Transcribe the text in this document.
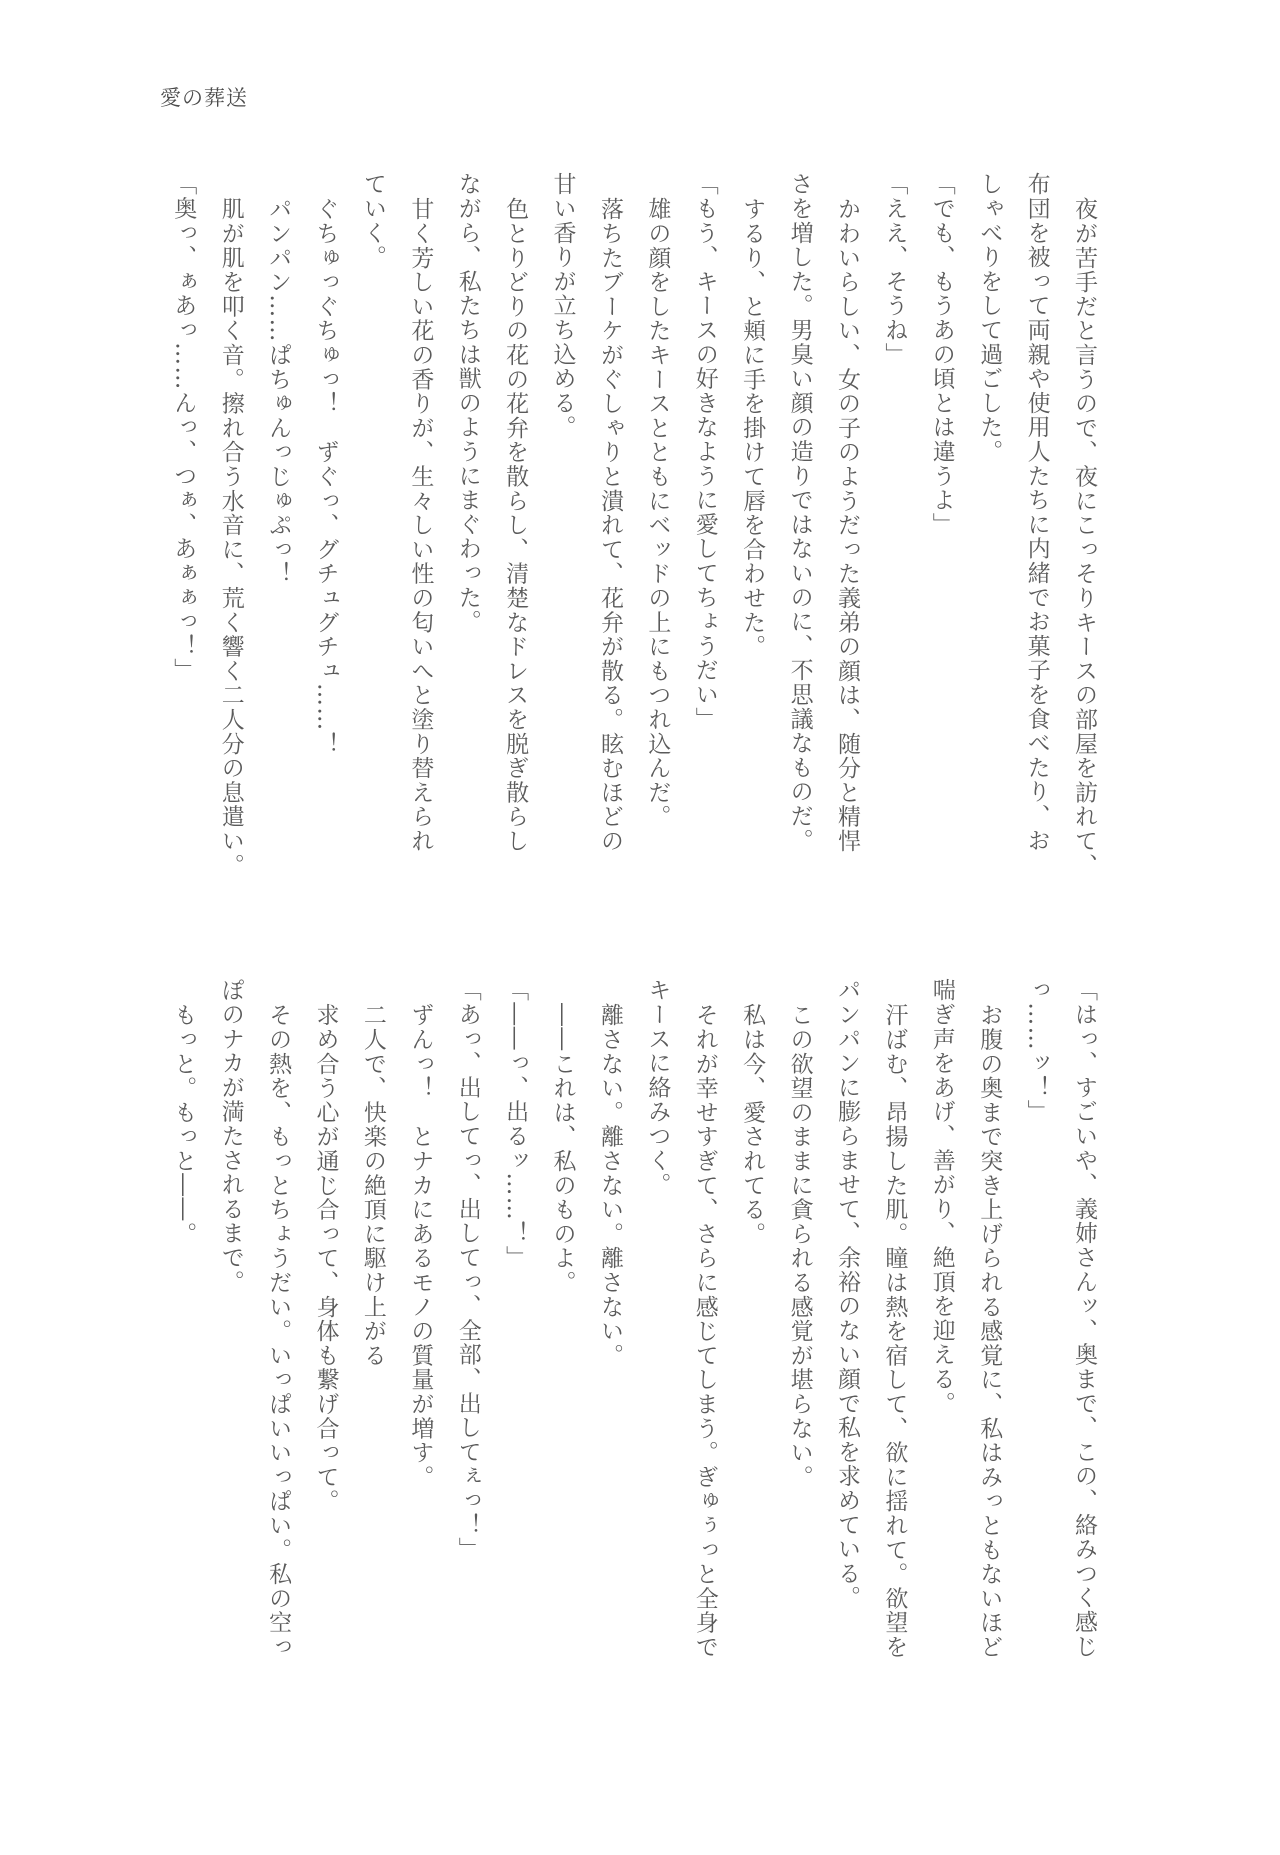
愛の葬送
夜が苦手だと言うので、夜にこっそりキースの部屋を訪れて、
布団を被って両親や使用人たちに内緒でお菓子を食べたり、お
しゃべりをして過ごした。
「でも、もうあの頃とは違うよ」
「ええ、そうね」
かわいらしい、女の子のようだった義弟の顔は、随分と精悍
さを増した。男臭い顔の造りではないのに、不思議なものだ。
するり、と頬に手を掛けて唇を合わせた。
「もう、キースの好きなように愛してちょうだい」
雄の顔をしたキースとともにベッドの上にもつれ込んだ。
落ちたブーケがぐしゃりと潰れて、花弁が散る。眩むほどの
甘い香りが立ち込める。
色とりどりの花の花弁を散らし、清楚なドレスを脱ぎ散らし
ながら、私たちは獣のようにまぐわった。
甘く芳しい花の香りが、生々しい性の匂いへと塗り替えられ
ていく。
ぐちゅっぐちゅっ！　ずぐっ、グチュグチュ……！
パンパン……ぱちゅんっじゅぷっ！
肌が肌を叩く音。擦れ合う水音に、荒く響く二人分の息遣い。
「奥っ、ぁあっ……んっ、つぁ、あぁぁっ！」
「はっ、すごいや、義姉さんッ、奥まで、この、絡みつく感じ
っ……ッ！」
お腹の奥まで突き上げられる感覚に、私はみっともないほど
喘ぎ声をあげ、善がり、絶頂を迎える。
汗ばむ、昂揚した肌。瞳は熱を宿して、欲に揺れて。欲望を
パンパンに膨らませて、余裕のない顔で私を求めている。
この欲望のままに貪られる感覚が堪らない。
私は今、愛されてる。
それが幸せすぎて、さらに感じてしまう。ぎゅぅっと全身で
キースに絡みつく。
離さない。離さない。離さない。
――これは、私のものよ。
「――っ、出るッ……！」
「あっ、出してっ、出してっ、全部、出してぇっ！」
ずんっ！　とナカにあるモノの質量が増す。
二人で、快楽の絶頂に駆け上がる
求め合う心が通じ合って、身体も繋げ合って。
その熱を、もっとちょうだい。いっぱいいっぱい。私の空っ
ぽのナカが満たされるまで。
もっと。もっと――。
